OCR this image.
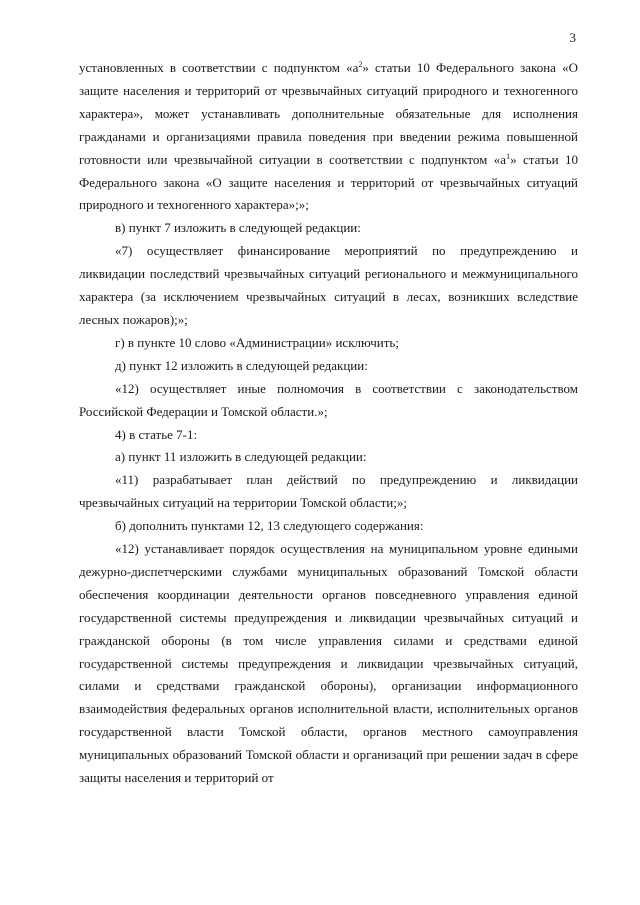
3

установленных в соответствии с подпунктом «$а^2$» статьи 10 Федерального закона «О защите населения и территорий от чрезвычайных ситуаций природного и техногенного характера», может устанавливать дополнительные обязательные для исполнения гражданами и организациями правила поведения при введении режима повышенной готовности или чрезвычайной ситуации в соответствии с подпунктом «$а^1$» статьи 10 Федерального закона «О защите населения и территорий от чрезвычайных ситуаций природного и техногенного характера»;»;

в) пункт 7 изложить в следующей редакции:

«7) осуществляет финансирование мероприятий по предупреждению и ликвидации последствий чрезвычайных ситуаций регионального и межмуниципального характера (за исключением чрезвычайных ситуаций в лесах, возникших вследствие лесных пожаров);»;

г) в пункте 10 слово «Администрации» исключить;

д) пункт 12 изложить в следующей редакции:

«12) осуществляет иные полномочия в соответствии с законодательством Российской Федерации и Томской области.»;

4) в статье 7-1:

а) пункт 11 изложить в следующей редакции:

«11) разрабатывает план действий по предупреждению и ликвидации чрезвычайных ситуаций на территории Томской области;»;

б) дополнить пунктами 12, 13 следующего содержания:

«12) устанавливает порядок осуществления на муниципальном уровне едиными дежурно-диспетчерскими службами муниципальных образований Томской области обеспечения координации деятельности органов повседневного управления единой государственной системы предупреждения и ликвидации чрезвычайных ситуаций и гражданской обороны (в том числе управления силами и средствами единой государственной системы предупреждения и ликвидации чрезвычайных ситуаций, силами и средствами гражданской обороны), организации информационного взаимодействия федеральных органов исполнительной власти, исполнительных органов государственной власти Томской области, органов местного самоуправления муниципальных образований Томской области и организаций при решении задач в сфере защиты населения и территорий от
